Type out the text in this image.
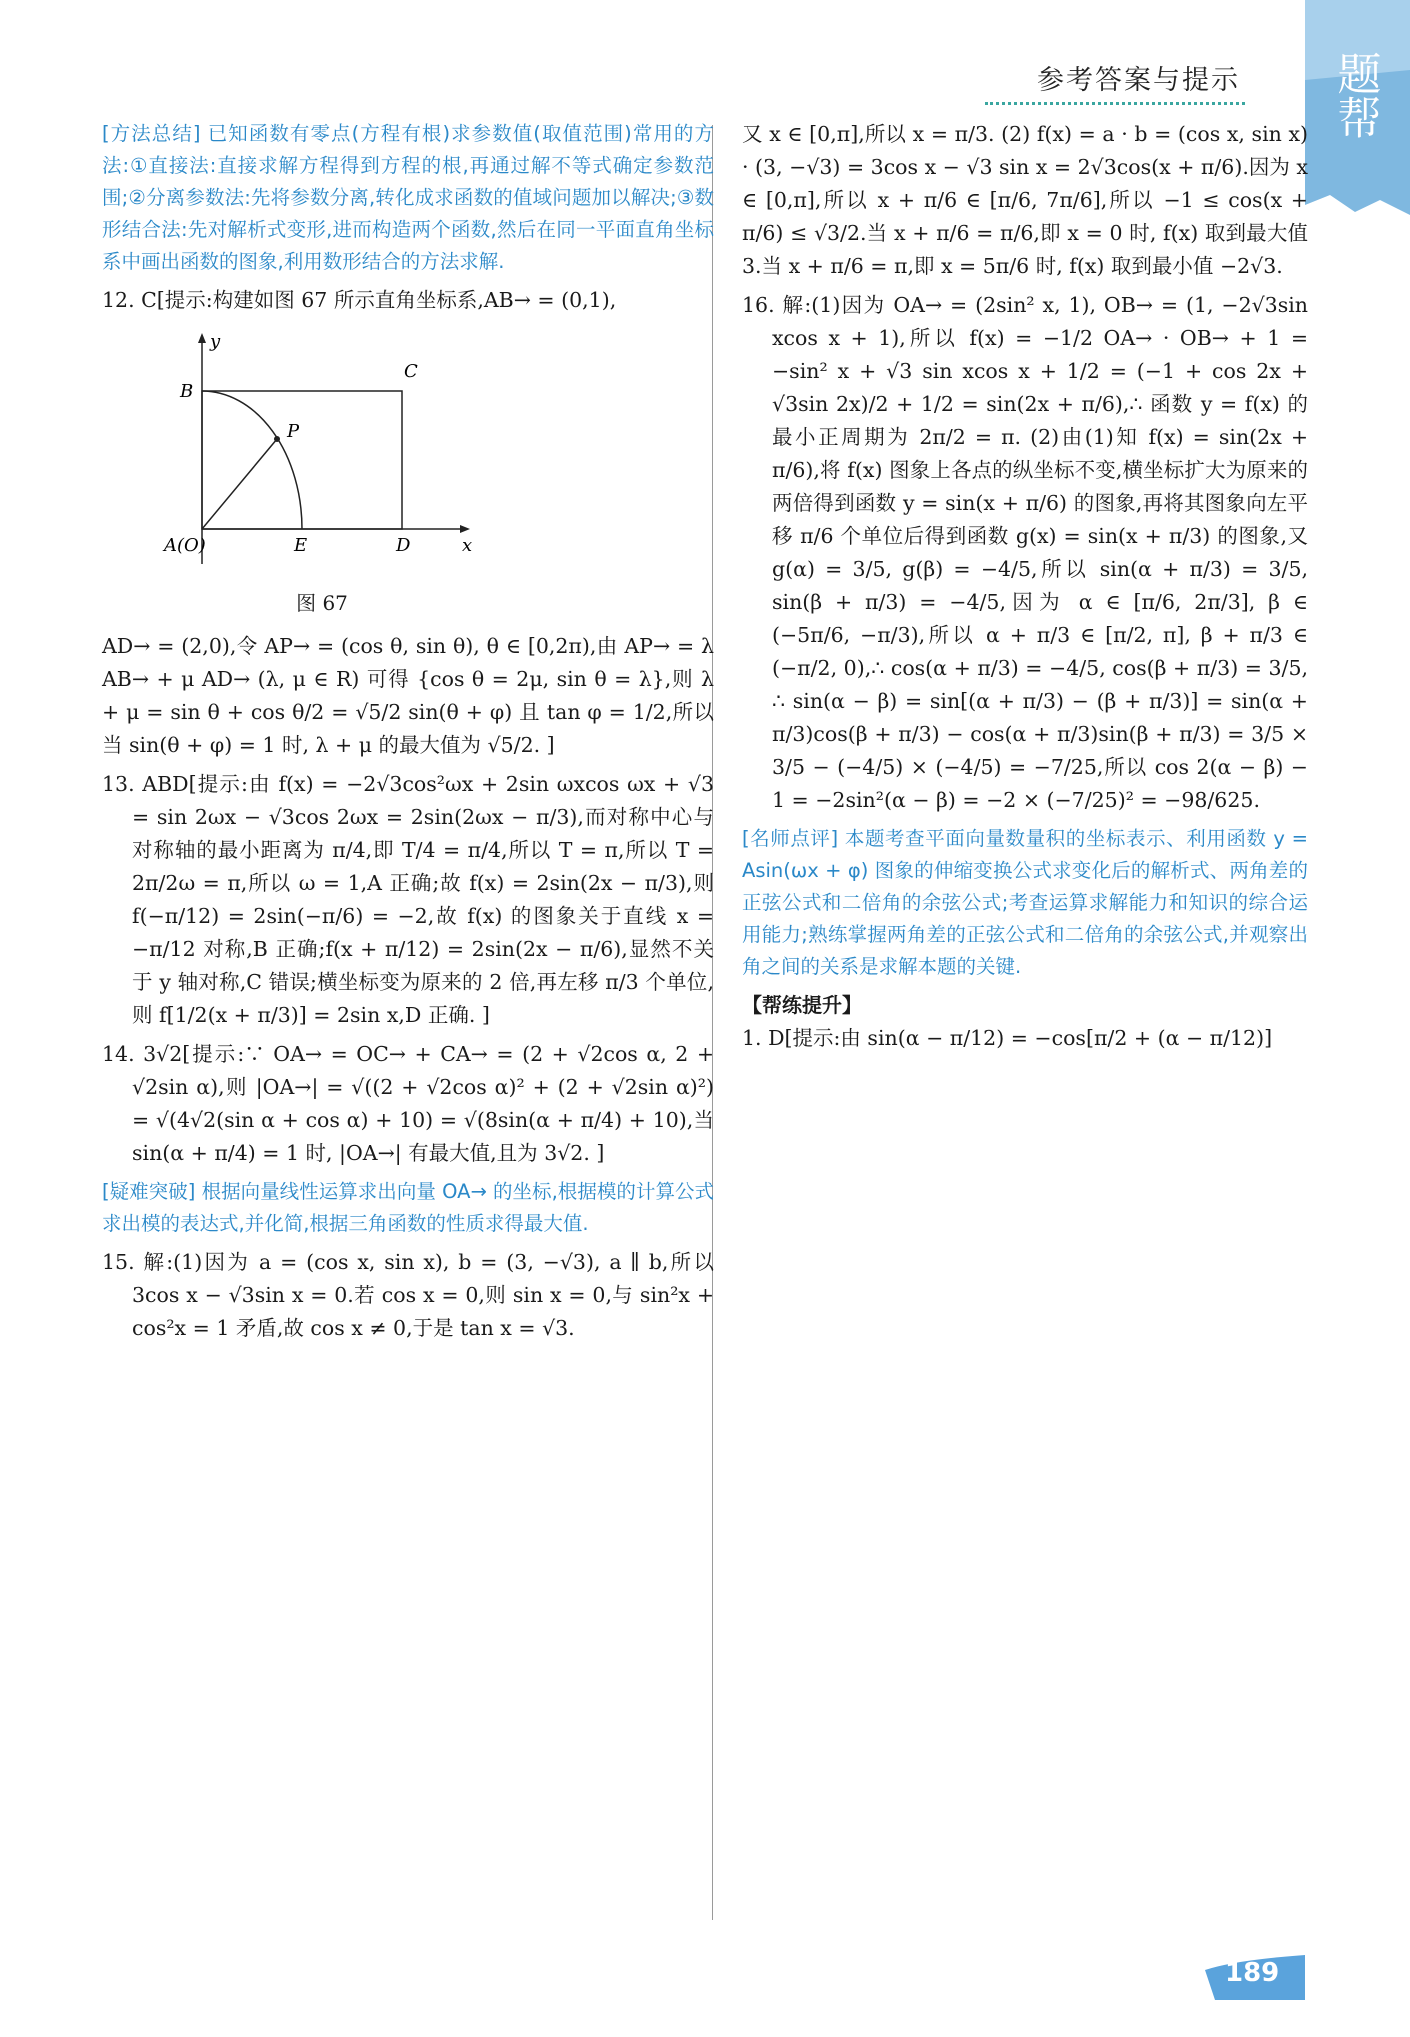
参考答案与提示 题帮

[方法总结] 已知函数有零点(方程有根)求参数值(取值范围)常用的方法:①直接法:直接求解方程得到方程的根,再通过解不等式确定参数范围;②分离参数法:先将参数分离,转化成求函数的值域问题加以解决;③数形结合法:先对解析式变形,进而构造两个函数,然后在同一平面直角坐标系中画出函数的图象,利用数形结合的方法求解.

12. C[提示:构建如图 67 所示直角坐标系,AB→ = (0,1),

y
x
B
C
P
A(O)	E	D
图 67

AD→ = (2,0),令 AP→ = (cos θ, sin θ), θ ∈ [0,2π),由 AP→ = λ AB→ + μ AD→ (λ, μ ∈ R) 可得 {cos θ = 2μ, sin θ = λ},则 λ + μ = sin θ + cos θ/2 = √5/2 sin(θ + φ) 且 tan φ = 1/2,所以当 sin(θ + φ) = 1 时, λ + μ 的最大值为 √5/2. ]

13. ABD[提示:由 f(x) = −2√3cos²ωx + 2sin ωxcos ωx + √3 = sin 2ωx − √3cos 2ωx = 2sin(2ωx − π/3),而对称中心与对称轴的最小距离为 π/4,即 T/4 = π/4,所以 T = π,所以 T = 2π/2ω = π,所以 ω = 1,A 正确;故 f(x) = 2sin(2x − π/3),则 f(−π/12) = 2sin(−π/6) = −2,故 f(x) 的图象关于直线 x = −π/12 对称,B 正确;f(x + π/12) = 2sin(2x − π/6),显然不关于 y 轴对称,C 错误;横坐标变为原来的 2 倍,再左移 π/3 个单位,则 f[1/2(x + π/3)] = 2sin x,D 正确. ]

14. 3√2[提示:∵ OA→ = OC→ + CA→ = (2 + √2cos α, 2 + √2sin α),则 |OA→| = √((2 + √2cos α)² + (2 + √2sin α)²) = √(4√2(sin α + cos α) + 10) = √(8sin(α + π/4) + 10),当 sin(α + π/4) = 1 时, |OA→| 有最大值,且为 3√2. ]

[疑难突破] 根据向量线性运算求出向量 OA→ 的坐标,根据模的计算公式求出模的表达式,并化简,根据三角函数的性质求得最大值.

15. 解:(1)因为 a = (cos x, sin x), b = (3, −√3), a ∥ b,所以 3cos x − √3sin x = 0.若 cos x = 0,则 sin x = 0,与 sin²x + cos²x = 1 矛盾,故 cos x ≠ 0,于是 tan x = √3.

又 x ∈ [0,π],所以 x = π/3. (2) f(x) = a · b = (cos x, sin x) · (3, −√3) = 3cos x − √3 sin x = 2√3cos(x + π/6).因为 x ∈ [0,π],所以 x + π/6 ∈ [π/6, 7π/6],所以 −1 ≤ cos(x + π/6) ≤ √3/2.当 x + π/6 = π/6,即 x = 0 时, f(x) 取到最大值 3.当 x + π/6 = π,即 x = 5π/6 时, f(x) 取到最小值 −2√3.

16. 解:(1)因为 OA→ = (2sin² x, 1), OB→ = (1, −2√3sin xcos x + 1),所以 f(x) = −1/2 OA→ · OB→ + 1 = −sin² x + √3 sin xcos x + 1/2 = (−1 + cos 2x + √3sin 2x)/2 + 1/2 = sin(2x + π/6),∴ 函数 y = f(x) 的最小正周期为 2π/2 = π. (2)由(1)知 f(x) = sin(2x + π/6),将 f(x) 图象上各点的纵坐标不变,横坐标扩大为原来的两倍得到函数 y = sin(x + π/6) 的图象,再将其图象向左平移 π/6 个单位后得到函数 g(x) = sin(x + π/3) 的图象,又 g(α) = 3/5, g(β) = −4/5,所以 sin(α + π/3) = 3/5, sin(β + π/3) = −4/5,因为 α ∈ [π/6, 2π/3], β ∈ (−5π/6, −π/3),所以 α + π/3 ∈ [π/2, π], β + π/3 ∈ (−π/2, 0),∴ cos(α + π/3) = −4/5, cos(β + π/3) = 3/5, ∴ sin(α − β) = sin[(α + π/3) − (β + π/3)] = sin(α + π/3)cos(β + π/3) − cos(α + π/3)sin(β + π/3) = 3/5 × 3/5 − (−4/5) × (−4/5) = −7/25,所以 cos 2(α − β) − 1 = −2sin²(α − β) = −2 × (−7/25)² = −98/625.

[名师点评] 本题考查平面向量数量积的坐标表示、利用函数 y = Asin(ωx + φ) 图象的伸缩变换公式求变化后的解析式、两角差的正弦公式和二倍角的余弦公式;考查运算求解能力和知识的综合运用能力;熟练掌握两角差的正弦公式和二倍角的余弦公式,并观察出角之间的关系是求解本题的关键.

【帮练提升】

1. D[提示:由 sin(α − π/12) = −cos[π/2 + (α − π/12)]

189
